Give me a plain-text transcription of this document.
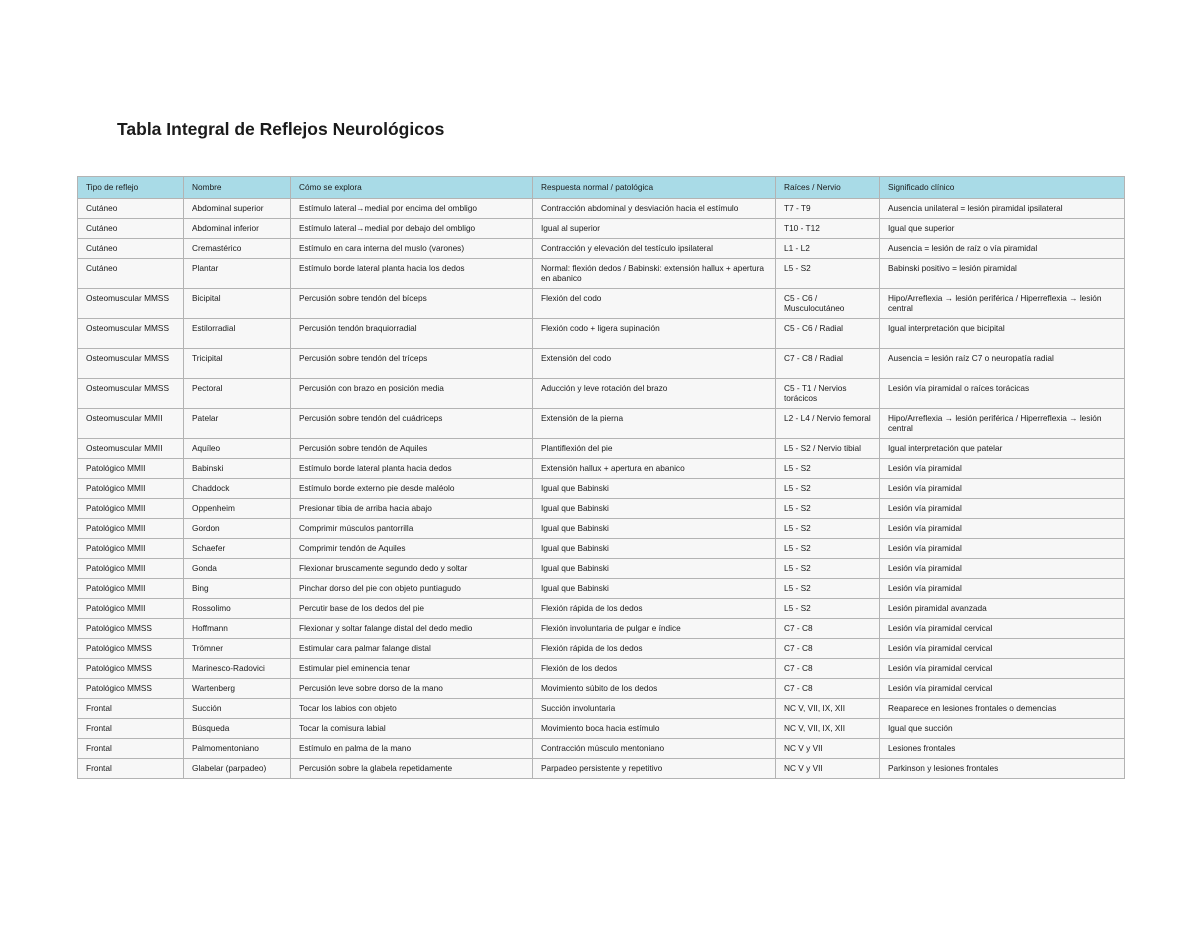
Tabla Integral de Reflejos Neurológicos
Tipo de reflejo	Nombre	Cómo se explora	Respuesta normal / patológica	Raíces / Nervio	Significado clínico
Cutáneo	Abdominal superior	Estímulo lateral→medial por encima del ombligo	Contracción abdominal y desviación hacia el estímulo	T7 - T9	Ausencia unilateral = lesión piramidal ipsilateral
Cutáneo	Abdominal inferior	Estímulo lateral→medial por debajo del ombligo	Igual al superior	T10 - T12	Igual que superior
Cutáneo	Cremastérico	Estímulo en cara interna del muslo (varones)	Contracción y elevación del testículo ipsilateral	L1 - L2	Ausencia = lesión de raíz o vía piramidal
Cutáneo	Plantar	Estímulo borde lateral planta hacia los dedos	Normal: flexión dedos / Babinski: extensión hallux + apertura en abanico	L5 - S2	Babinski positivo = lesión piramidal
Osteomuscular MMSS	Bicipital	Percusión sobre tendón del bíceps	Flexión del codo	C5 - C6 / Musculocutáneo	Hipo/Arreflexia → lesión periférica / Hiperreflexia → lesión central
Osteomuscular MMSS	Estilorradial	Percusión tendón braquiorradial	Flexión codo + ligera supinación	C5 - C6 / Radial	Igual interpretación que bicipital
Osteomuscular MMSS	Tricipital	Percusión sobre tendón del tríceps	Extensión del codo	C7 - C8 / Radial	Ausencia = lesión raíz C7 o neuropatía radial
Osteomuscular MMSS	Pectoral	Percusión con brazo en posición media	Aducción y leve rotación del brazo	C5 - T1 / Nervios torácicos	Lesión vía piramidal o raíces torácicas
Osteomuscular MMII	Patelar	Percusión sobre tendón del cuádriceps	Extensión de la pierna	L2 - L4 / Nervio femoral	Hipo/Arreflexia → lesión periférica / Hiperreflexia → lesión central
Osteomuscular MMII	Aquíleo	Percusión sobre tendón de Aquiles	Plantiflexión del pie	L5 - S2 / Nervio tibial	Igual interpretación que patelar
Patológico MMII	Babinski	Estímulo borde lateral planta hacia dedos	Extensión hallux + apertura en abanico	L5 - S2	Lesión vía piramidal
Patológico MMII	Chaddock	Estímulo borde externo pie desde maléolo	Igual que Babinski	L5 - S2	Lesión vía piramidal
Patológico MMII	Oppenheim	Presionar tibia de arriba hacia abajo	Igual que Babinski	L5 - S2	Lesión vía piramidal
Patológico MMII	Gordon	Comprimir músculos pantorrilla	Igual que Babinski	L5 - S2	Lesión vía piramidal
Patológico MMII	Schaefer	Comprimir tendón de Aquiles	Igual que Babinski	L5 - S2	Lesión vía piramidal
Patológico MMII	Gonda	Flexionar bruscamente segundo dedo y soltar	Igual que Babinski	L5 - S2	Lesión vía piramidal
Patológico MMII	Bing	Pinchar dorso del pie con objeto puntiagudo	Igual que Babinski	L5 - S2	Lesión vía piramidal
Patológico MMII	Rossolimo	Percutir base de los dedos del pie	Flexión rápida de los dedos	L5 - S2	Lesión piramidal avanzada
Patológico MMSS	Hoffmann	Flexionar y soltar falange distal del dedo medio	Flexión involuntaria de pulgar e índice	C7 - C8	Lesión vía piramidal cervical
Patológico MMSS	Trömner	Estimular cara palmar falange distal	Flexión rápida de los dedos	C7 - C8	Lesión vía piramidal cervical
Patológico MMSS	Marinesco-Radovici	Estimular piel eminencia tenar	Flexión de los dedos	C7 - C8	Lesión vía piramidal cervical
Patológico MMSS	Wartenberg	Percusión leve sobre dorso de la mano	Movimiento súbito de los dedos	C7 - C8	Lesión vía piramidal cervical
Frontal	Succión	Tocar los labios con objeto	Succión involuntaria	NC V, VII, IX, XII	Reaparece en lesiones frontales o demencias
Frontal	Búsqueda	Tocar la comisura labial	Movimiento boca hacia estímulo	NC V, VII, IX, XII	Igual que succión
Frontal	Palmomentoniano	Estímulo en palma de la mano	Contracción músculo mentoniano	NC V y VII	Lesiones frontales
Frontal	Glabelar (parpadeo)	Percusión sobre la glabela repetidamente	Parpadeo persistente y repetitivo	NC V y VII	Parkinson y lesiones frontales
